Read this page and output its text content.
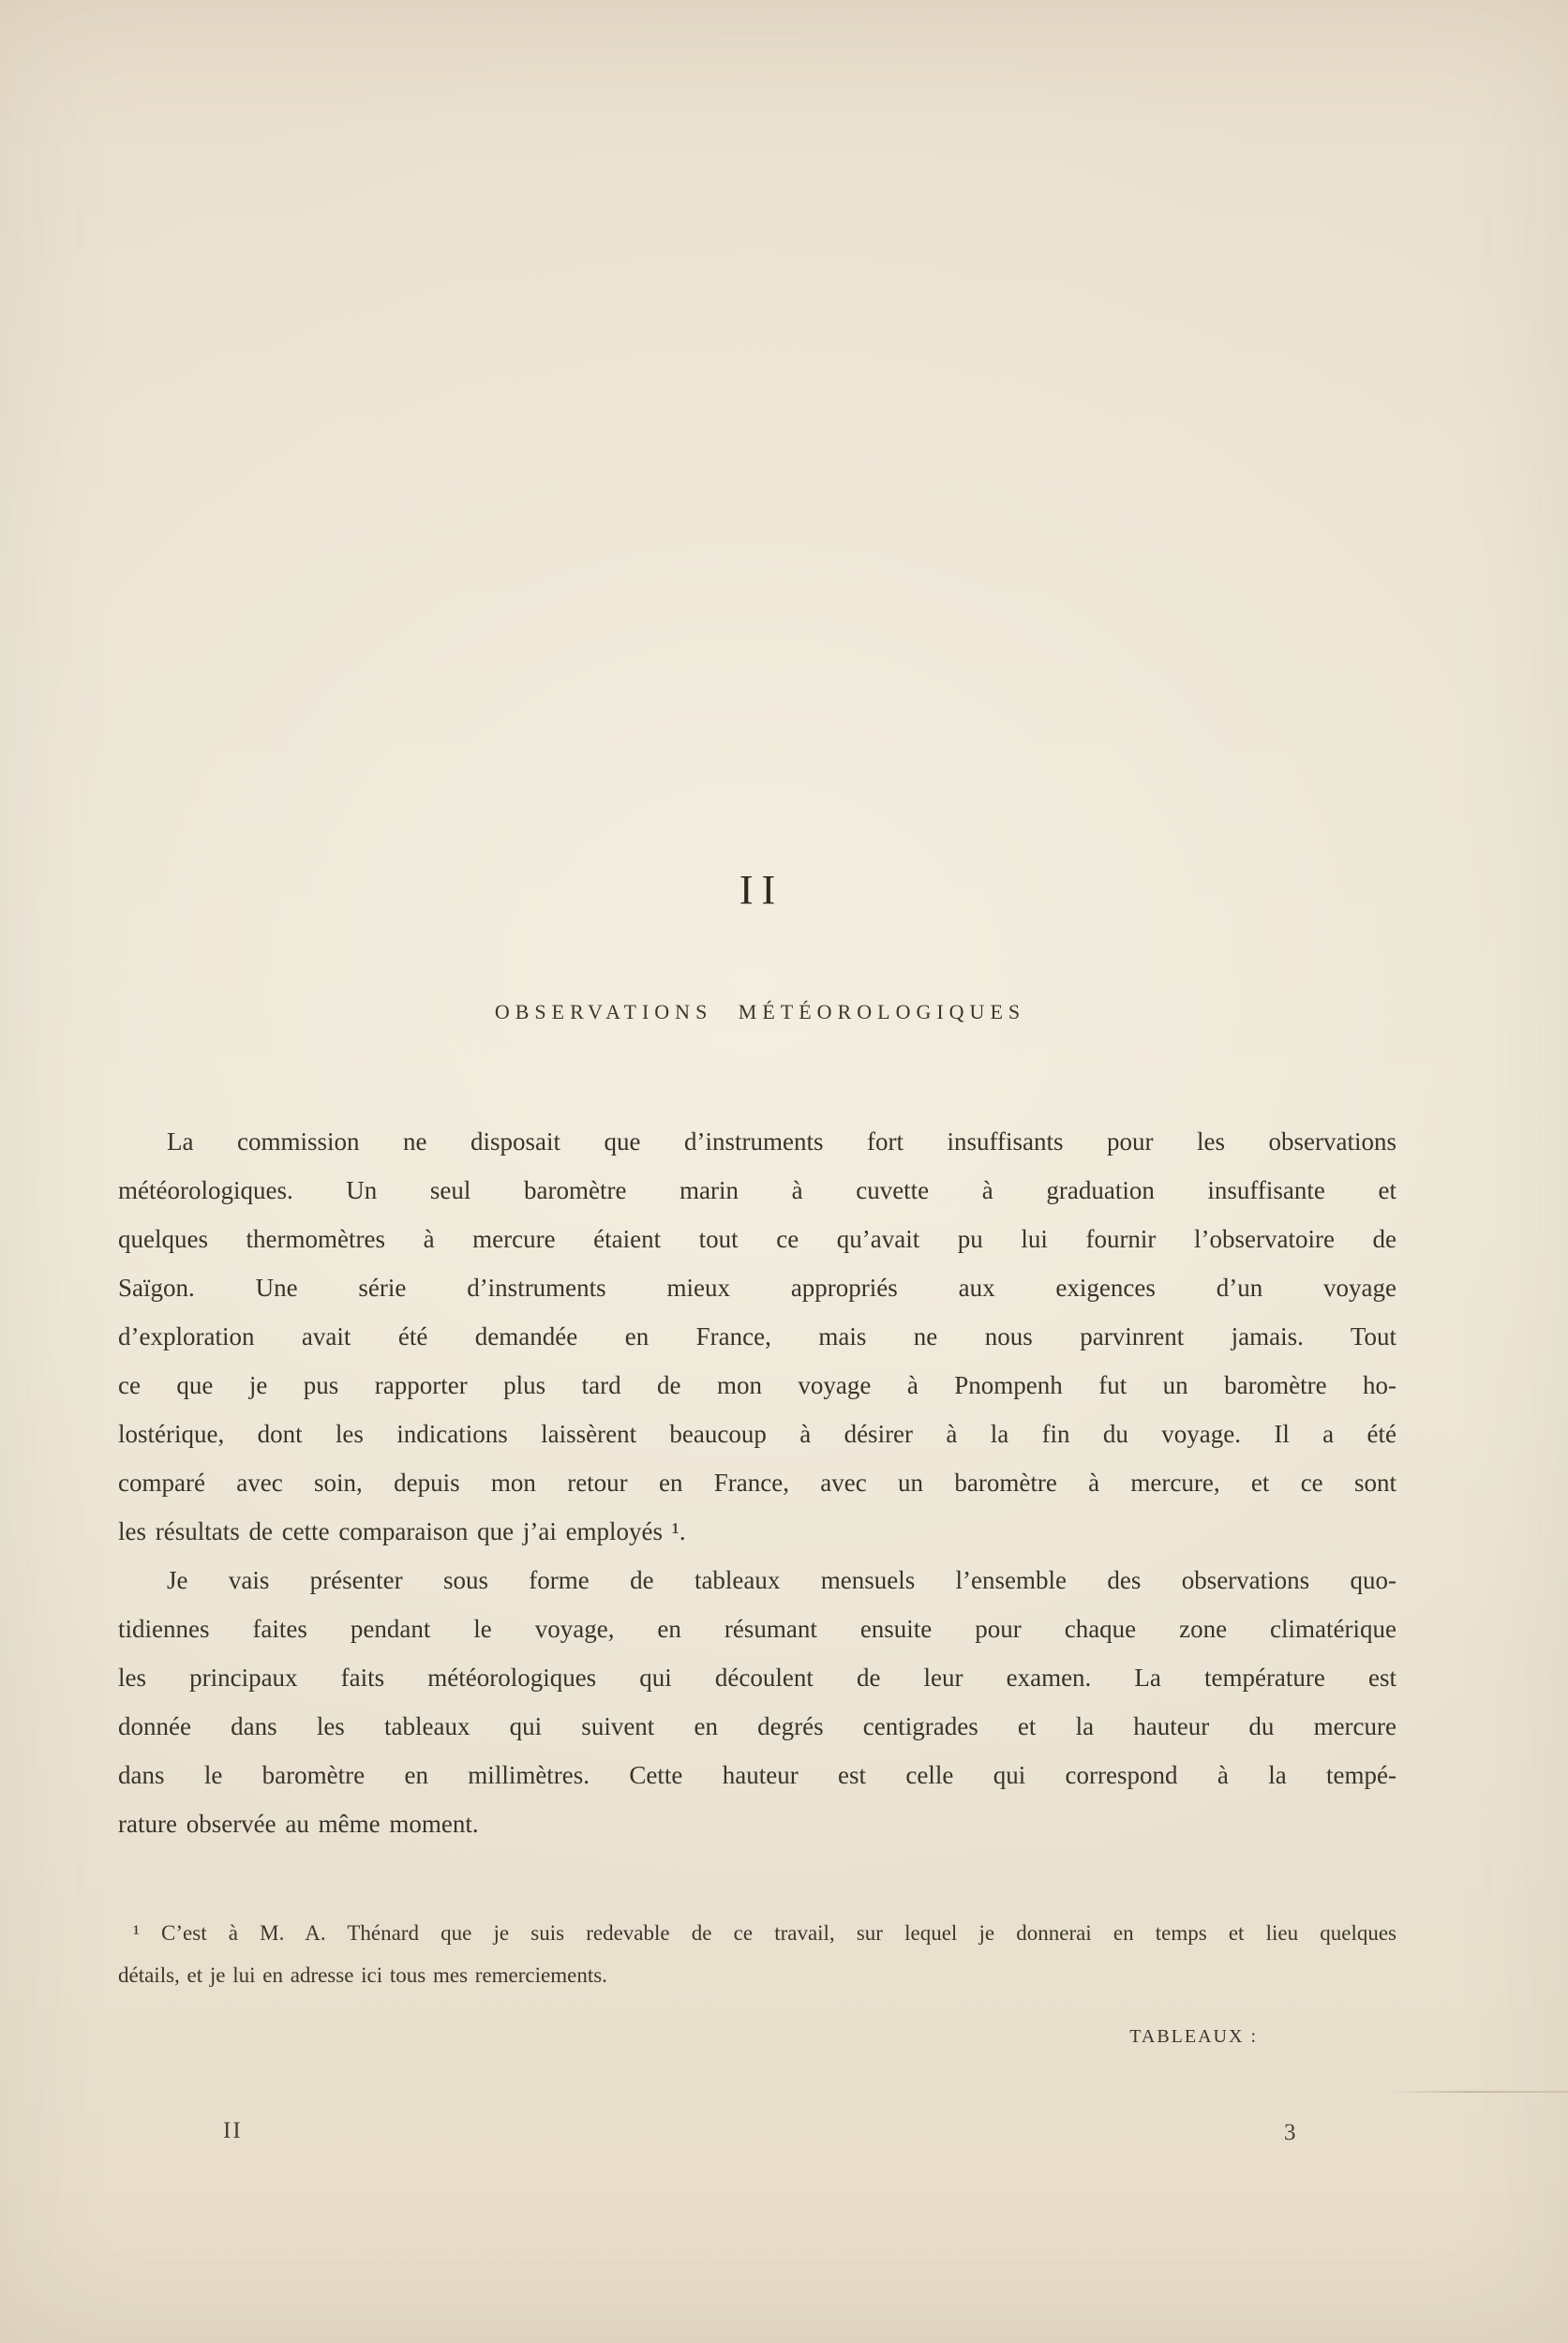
II
OBSERVATIONS MÉTÉOROLOGIQUES
La commission ne disposait que d’instruments fort insuffisants pour les observations
météorologiques. Un seul baromètre marin à cuvette à graduation insuffisante et
quelques thermomètres à mercure étaient tout ce qu’avait pu lui fournir l’observatoire de
Saïgon. Une série d’instruments mieux appropriés aux exigences d’un voyage
d’exploration avait été demandée en France, mais ne nous parvinrent jamais. Tout
ce que je pus rapporter plus tard de mon voyage à Pnompenh fut un baromètre ho-
lostérique, dont les indications laissèrent beaucoup à désirer à la fin du voyage. Il a été
comparé avec soin, depuis mon retour en France, avec un baromètre à mercure, et ce sont
les résultats de cette comparaison que j’ai employés ¹.
Je vais présenter sous forme de tableaux mensuels l’ensemble des observations quo-
tidiennes faites pendant le voyage, en résumant ensuite pour chaque zone climatérique
les principaux faits météorologiques qui découlent de leur examen. La température est
donnée dans les tableaux qui suivent en degrés centigrades et la hauteur du mercure
dans le baromètre en millimètres. Cette hauteur est celle qui correspond à la tempé-
rature observée au même moment.
¹ C’est à M. A. Thénard que je suis redevable de ce travail, sur lequel je donnerai en temps et lieu quelques
détails, et je lui en adresse ici tous mes remerciements.
TABLEAUX :
II	3
